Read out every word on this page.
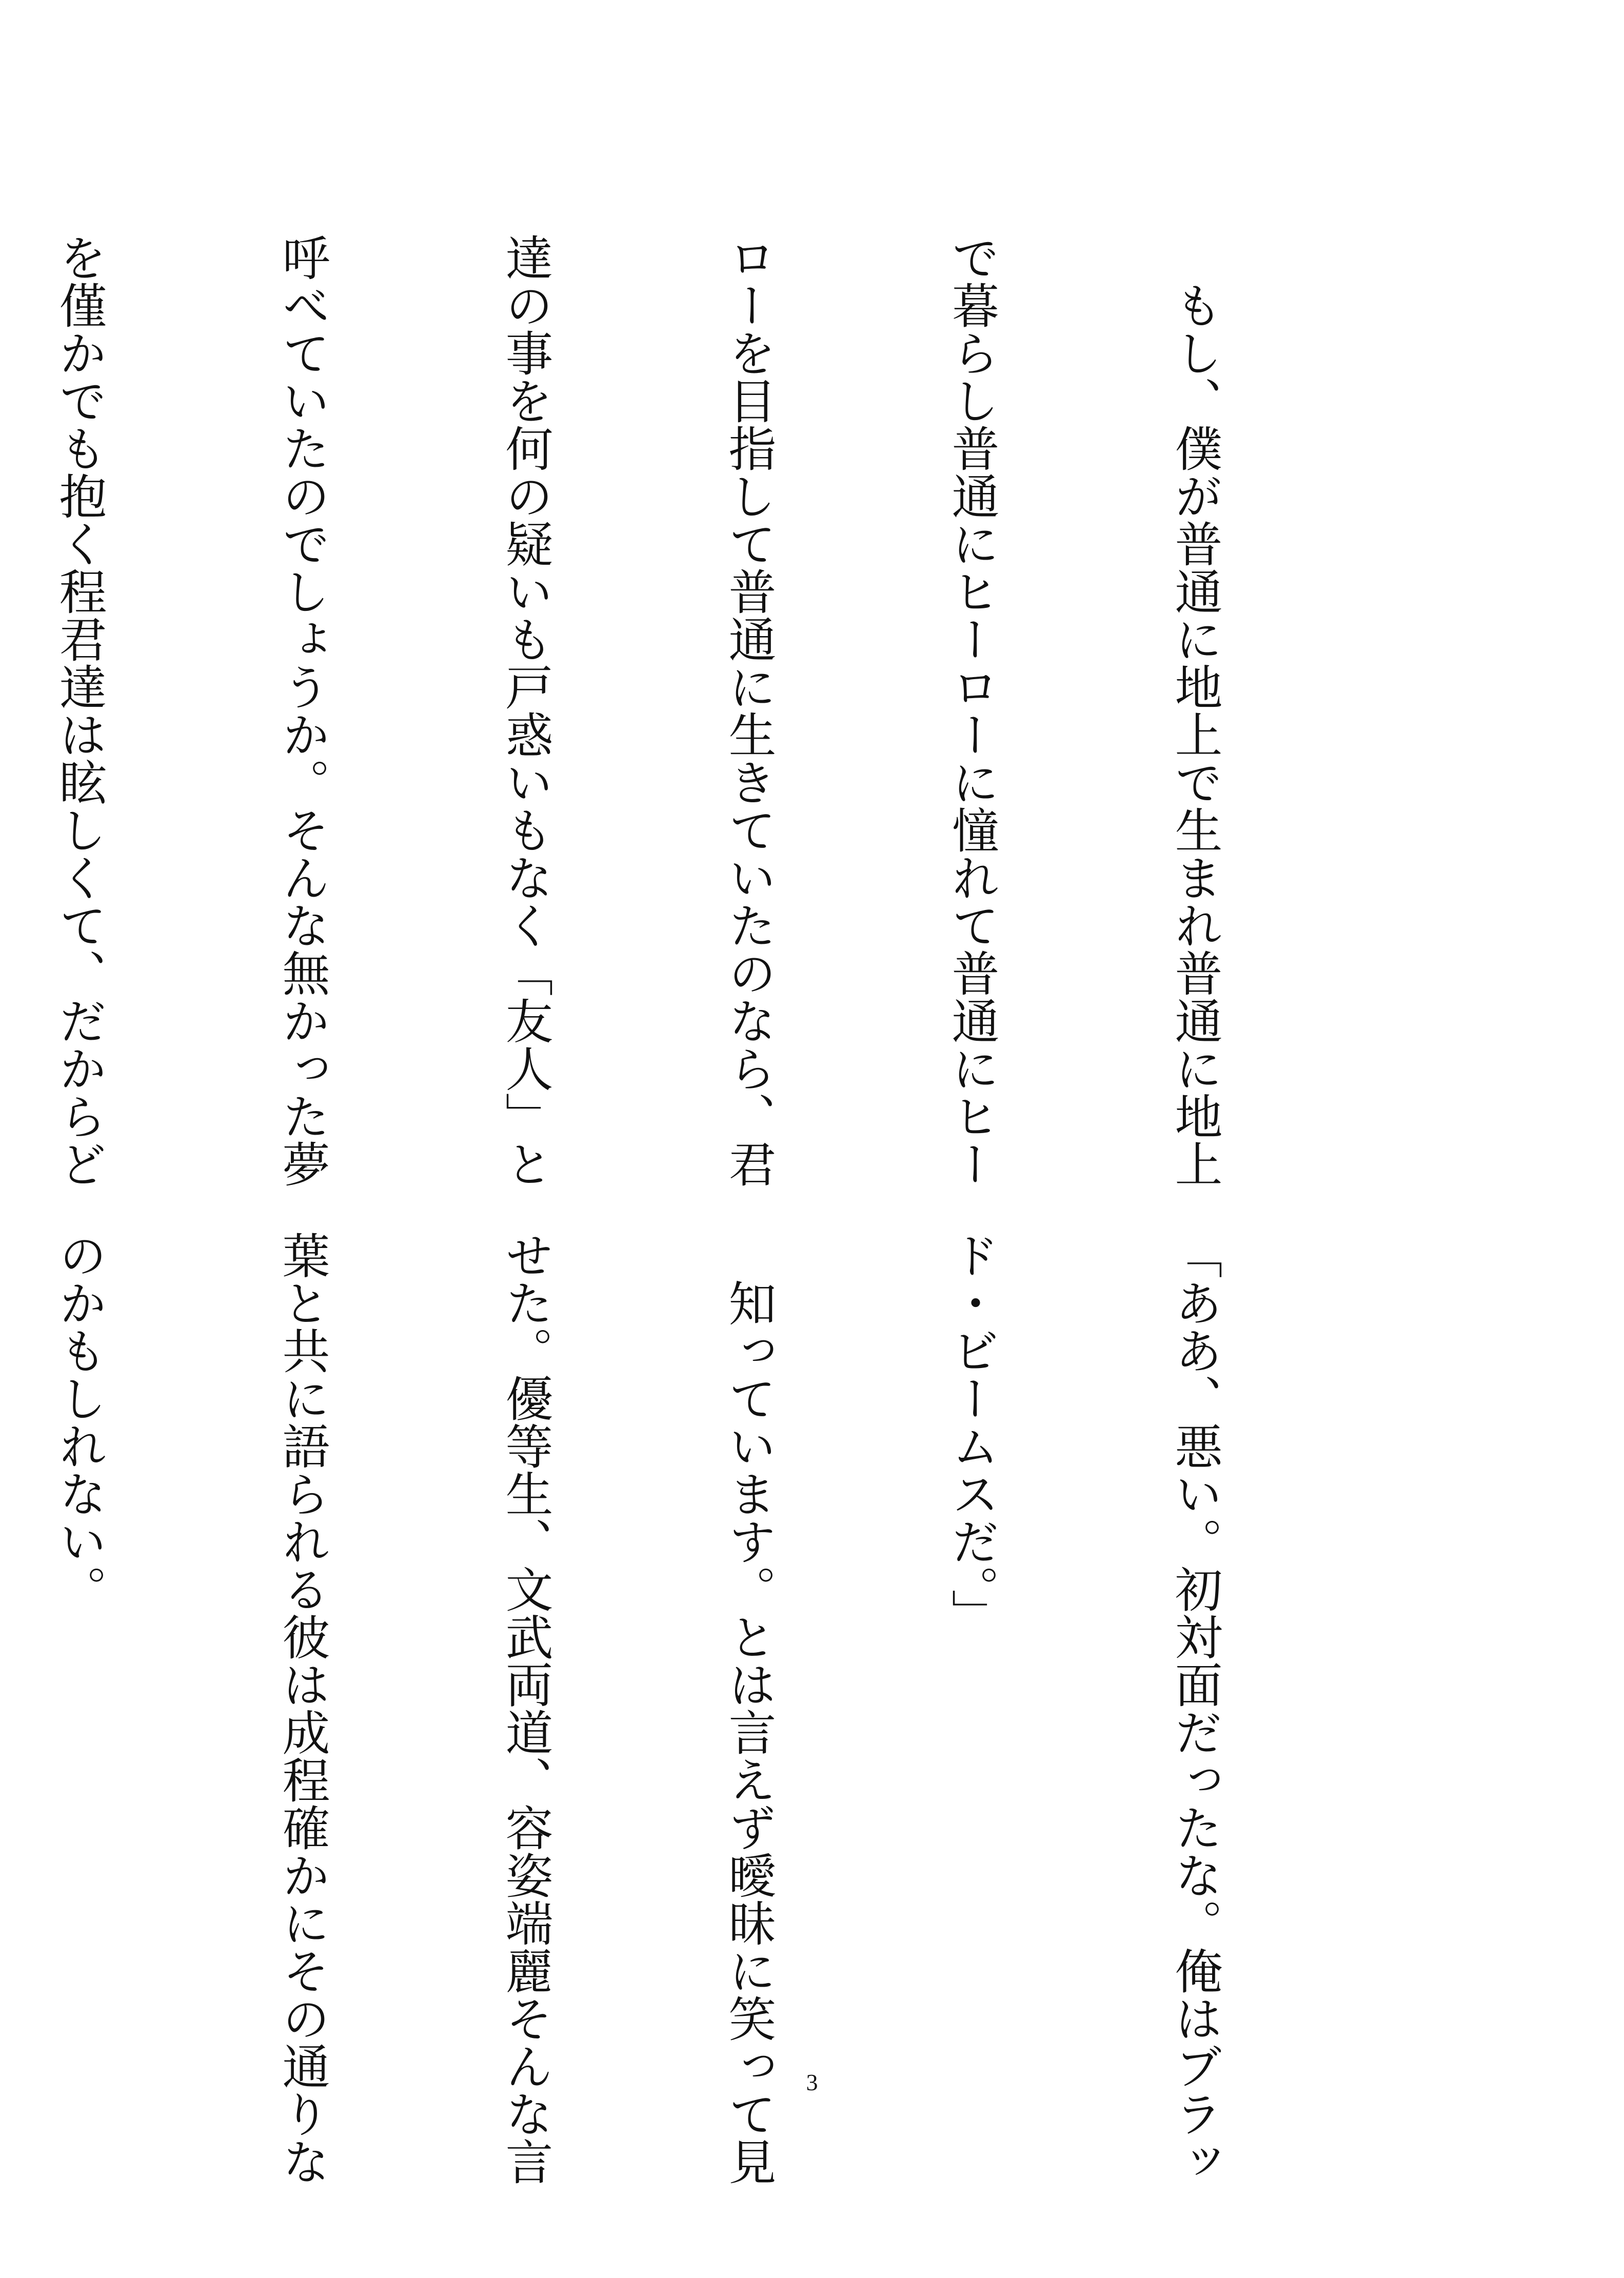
　もし、僕が普通に地上で生まれ普通に地上

で暮らし普通にヒーローに憧れて普通にヒー

ローを目指して普通に生きていたのなら、君

達の事を何の疑いも戸惑いもなく「友人」と

呼べていたのでしょうか。そんな無かった夢

を僅かでも抱く程君達は眩しくて、だからど

「ああ、悪い。初対面だったな。俺はブラッ

ド・ビームスだ。」

　知っています。とは言えず曖昧に笑って見

せた。優等生、文武両道、容姿端麗そんな言

葉と共に語られる彼は成程確かにその通りな

のかもしれない。

3
